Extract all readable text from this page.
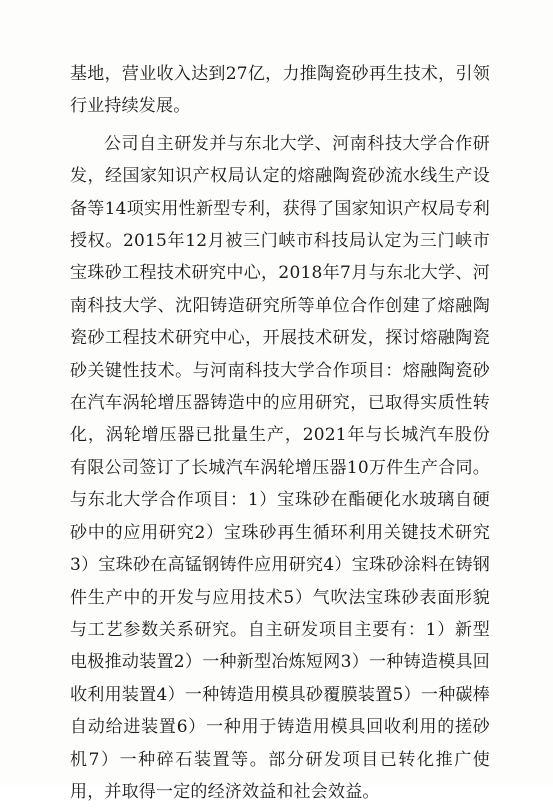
基地，营业收入达到27亿，力推陶瓷砂再生技术，引领行业持续发展。

公司自主研发并与东北大学、河南科技大学合作研发，经国家知识产权局认定的熔融陶瓷砂流水线生产设备等14项实用性新型专利，获得了国家知识产权局专利授权。2015年12月被三门峡市科技局认定为三门峡市宝珠砂工程技术研究中心，2018年7月与东北大学、河南科技大学、沈阳铸造研究所等单位合作创建了熔融陶瓷砂工程技术研究中心，开展技术研发，探讨熔融陶瓷砂关键性技术。与河南科技大学合作项目：熔融陶瓷砂在汽车涡轮增压器铸造中的应用研究，已取得实质性转化，涡轮增压器已批量生产，2021年与长城汽车股份有限公司签订了长城汽车涡轮增压器10万件生产合同。与东北大学合作项目：1）宝珠砂在酯硬化水玻璃自硬砂中的应用研究2）宝珠砂再生循环利用关键技术研究3）宝珠砂在高锰钢铸件应用研究4）宝珠砂涂料在铸钢件生产中的开发与应用技术5）气吹法宝珠砂表面形貌与工艺参数关系研究。自主研发项目主要有：1）新型电极推动装置2）一种新型冶炼短网3）一种铸造模具回收利用装置4）一种铸造用模具砂覆膜装置5）一种碳棒自动给进装置6）一种用于铸造用模具回收利用的搓砂机7）一种碎石装置等。部分研发项目已转化推广使用，并取得一定的经济效益和社会效益。
